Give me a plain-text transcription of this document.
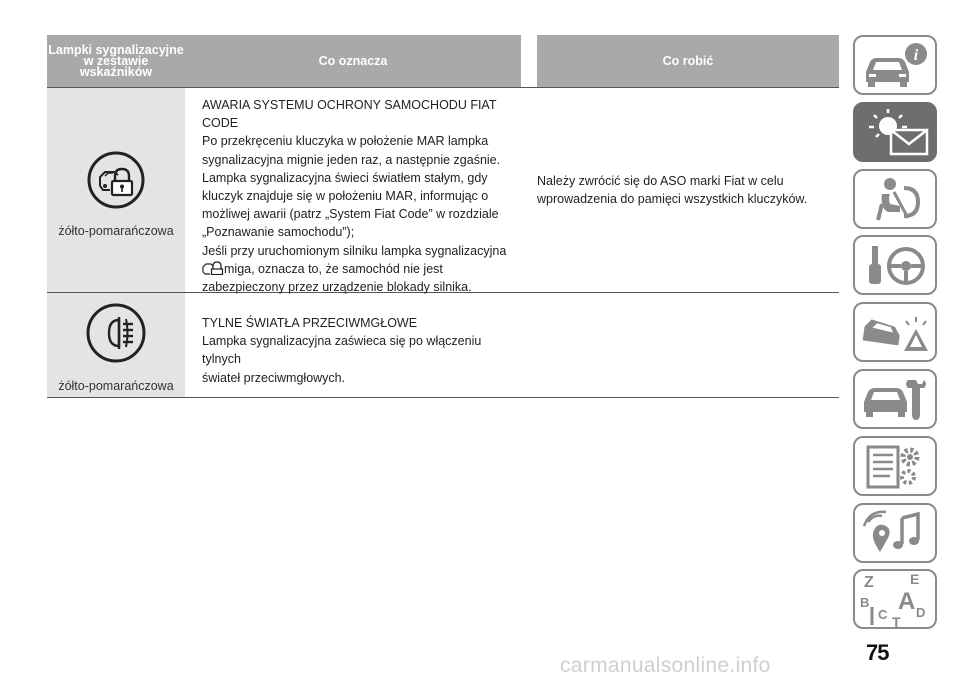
Lampki sygnalizacyjne w zestawie wskaźników
Co oznacza	Co robić
żółto-pomarańczowa
AWARIA SYSTEMU OCHRONY SAMOCHODU FIAT
CODE
Po przekręceniu kluczyka w położenie MAR lampka
sygnalizacyjna mignie jeden raz, a następnie zgaśnie.
Lampka sygnalizacyjna świeci światłem stałym, gdy
kluczyk znajduje się w położeniu MAR, informując o
możliwej awarii (patrz „System Fiat Code” w rozdziale
„Poznawanie samochodu”);
Jeśli przy uruchomionym silniku lampka sygnalizacyjna
miga, oznacza to, że samochód nie jest
zabezpieczony przez urządzenie blokady silnika.
Należy zwrócić się do ASO marki Fiat w celu
wprowadzenia do pamięci wszystkich kluczyków.
żółto-pomarańczowa
TYLNE ŚWIATŁA PRZECIWMGŁOWE
Lampka sygnalizacyjna zaświeca się po włączeniu tylnych
świateł przeciwmgłowych.
i
Z	E
B A
C D
T
75
carmanualsonline.info
